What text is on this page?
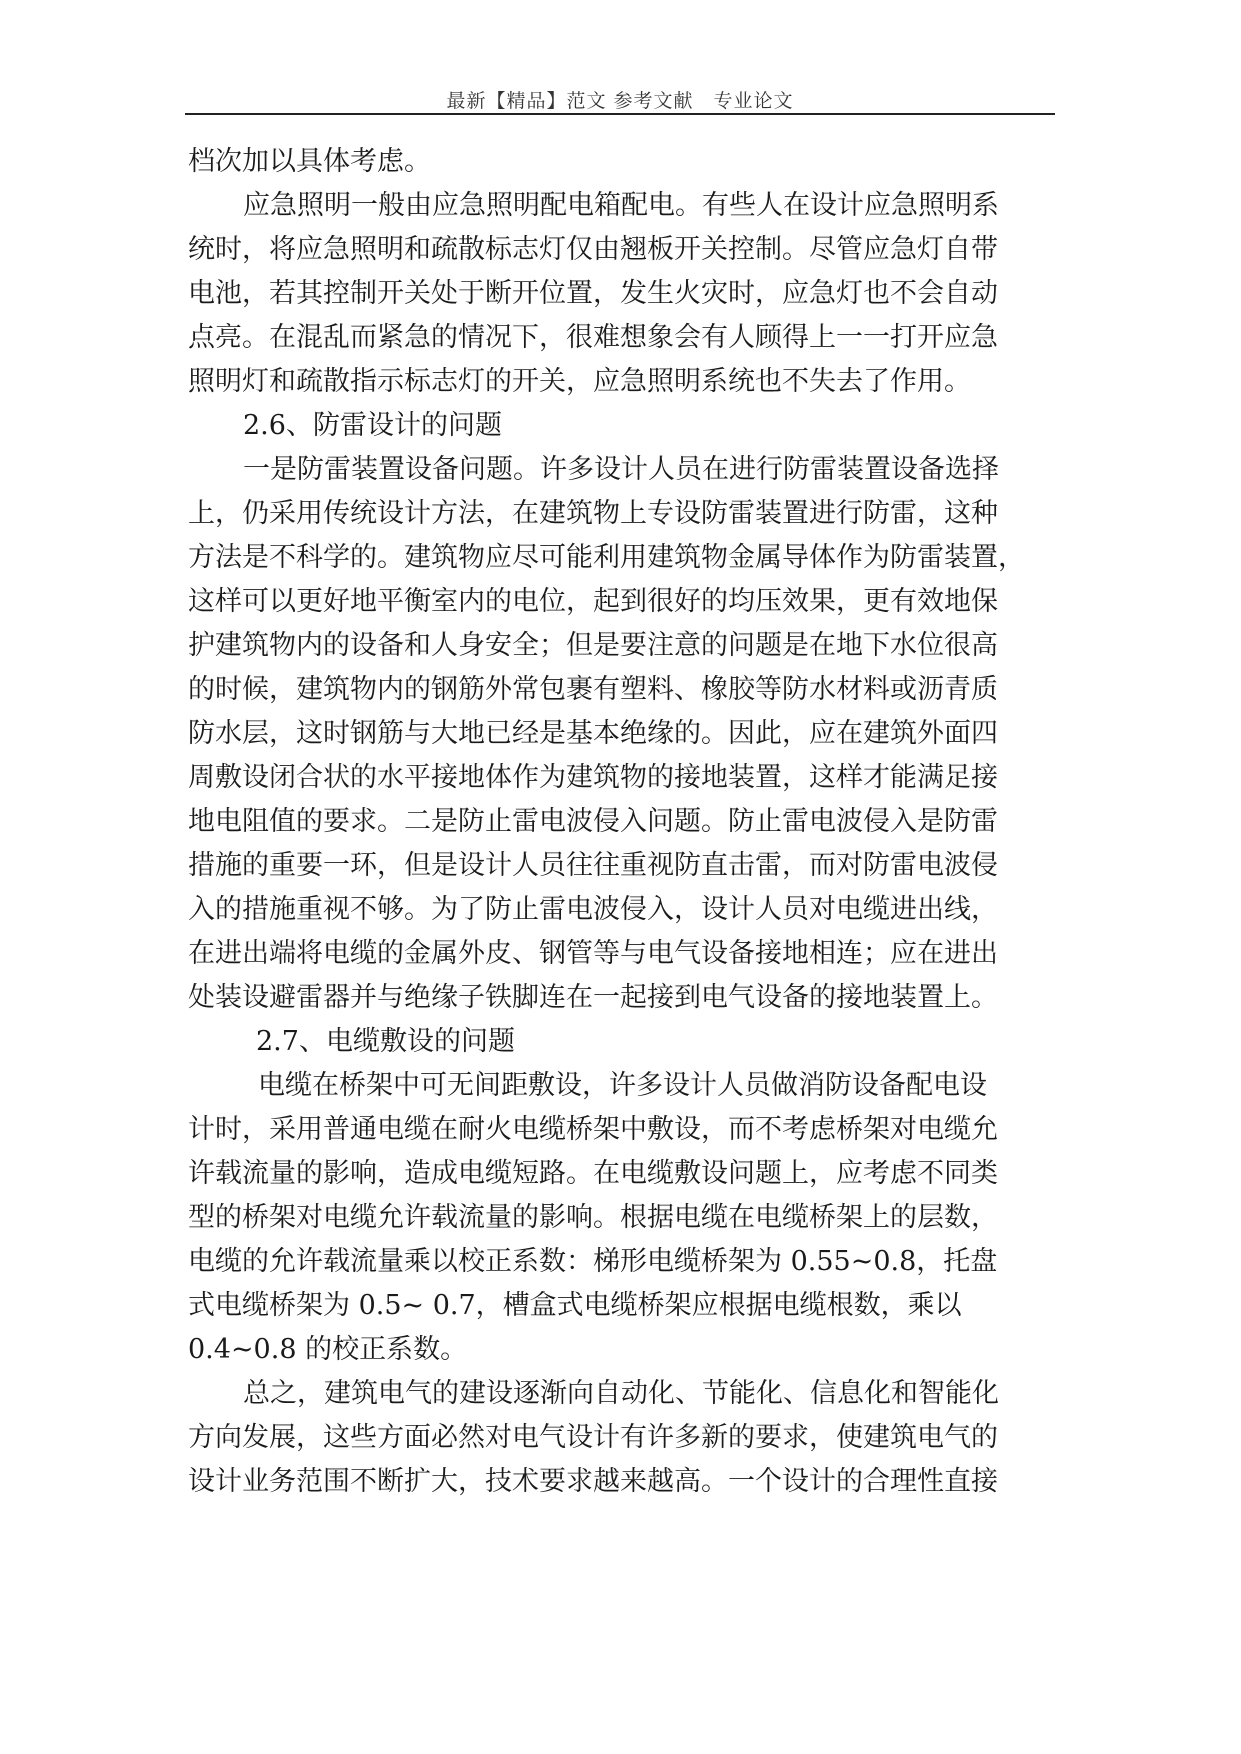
最新【精品】范文 参考文献　专业论文
档次加以具体考虑。
应急照明一般由应急照明配电箱配电。有些人在设计应急照明系
统时，将应急照明和疏散标志灯仅由翘板开关控制。尽管应急灯自带
电池，若其控制开关处于断开位置，发生火灾时，应急灯也不会自动
点亮。在混乱而紧急的情况下，很难想象会有人顾得上一一打开应急
照明灯和疏散指示标志灯的开关，应急照明系统也不失去了作用。
2.6、防雷设计的问题
一是防雷装置设备问题。许多设计人员在进行防雷装置设备选择
上，仍采用传统设计方法，在建筑物上专设防雷装置进行防雷，这种
方法是不科学的。建筑物应尽可能利用建筑物金属导体作为防雷装置，
这样可以更好地平衡室内的电位，起到很好的均压效果，更有效地保
护建筑物内的设备和人身安全；但是要注意的问题是在地下水位很高
的时候，建筑物内的钢筋外常包裹有塑料、橡胶等防水材料或沥青质
防水层，这时钢筋与大地已经是基本绝缘的。因此，应在建筑外面四
周敷设闭合状的水平接地体作为建筑物的接地装置，这样才能满足接
地电阻值的要求。二是防止雷电波侵入问题。防止雷电波侵入是防雷
措施的重要一环，但是设计人员往往重视防直击雷，而对防雷电波侵
入的措施重视不够。为了防止雷电波侵入，设计人员对电缆进出线，
在进出端将电缆的金属外皮、钢管等与电气设备接地相连；应在进出
处装设避雷器并与绝缘子铁脚连在一起接到电气设备的接地装置上。
2.7、电缆敷设的问题
电缆在桥架中可无间距敷设，许多设计人员做消防设备配电设
计时，采用普通电缆在耐火电缆桥架中敷设，而不考虑桥架对电缆允
许载流量的影响，造成电缆短路。在电缆敷设问题上，应考虑不同类
型的桥架对电缆允许载流量的影响。根据电缆在电缆桥架上的层数，
电缆的允许载流量乘以校正系数：梯形电缆桥架为 0.55~0.8，托盘
式电缆桥架为 0.5~ 0.7，槽盒式电缆桥架应根据电缆根数，乘以
0.4~0.8 的校正系数。
总之，建筑电气的建设逐渐向自动化、节能化、信息化和智能化
方向发展，这些方面必然对电气设计有许多新的要求，使建筑电气的
设计业务范围不断扩大，技术要求越来越高。一个设计的合理性直接
